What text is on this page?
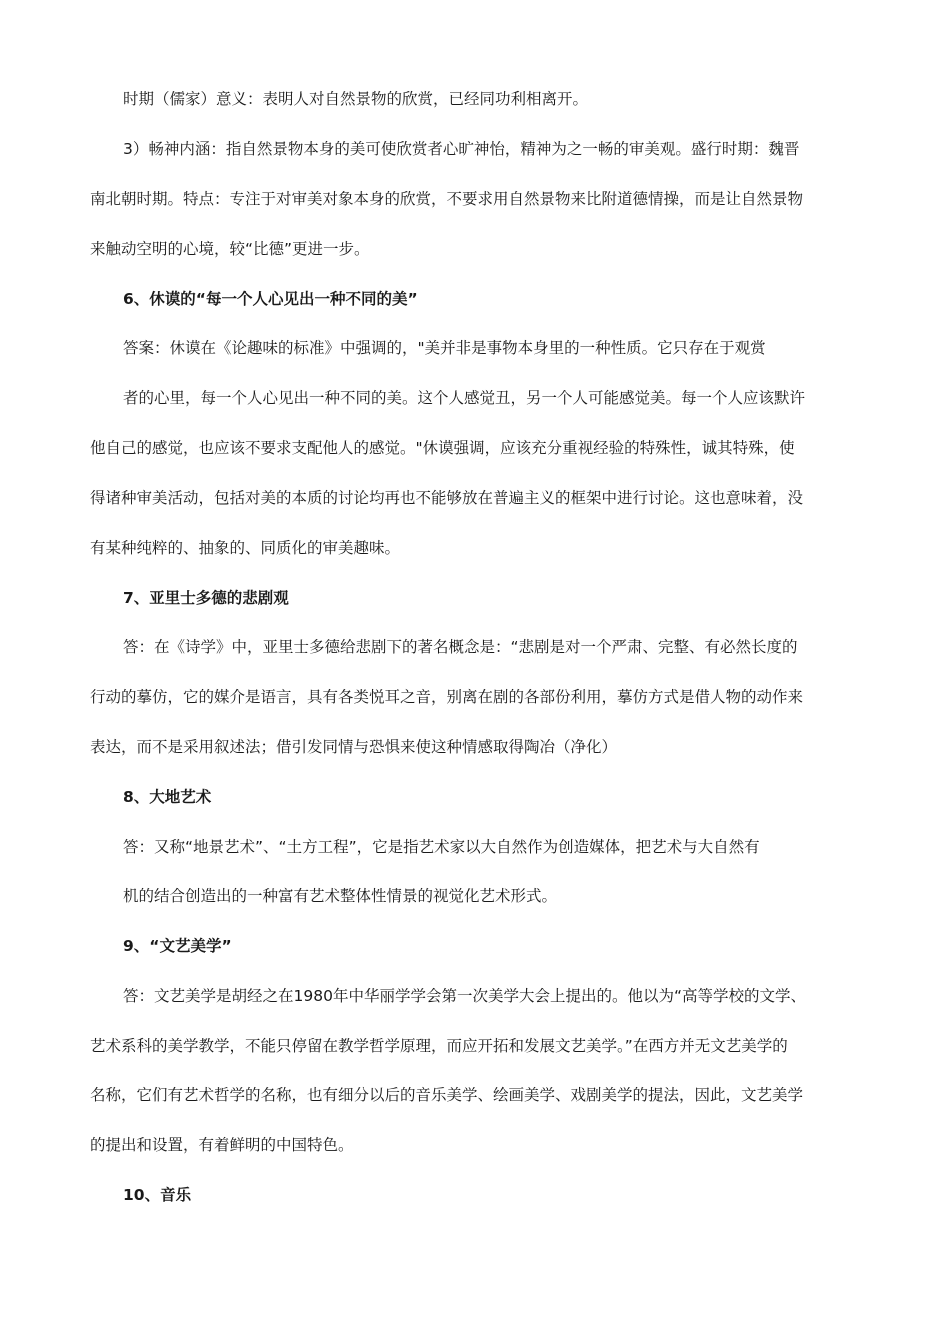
时期（儒家）意义：表明人对自然景物的欣赏，已经同功利相离开。

3）畅神内涵：指自然景物本身的美可使欣赏者心旷神怡，精神为之一畅的审美观。盛行时期：魏晋

南北朝时期。特点：专注于对审美对象本身的欣赏，不要求用自然景物来比附道德情操，而是让自然景物

来触动空明的心境，较“比德”更进一步。

6、休谟的“每一个人心见出一种不同的美”

答案：休谟在《论趣味的标准》中强调的，"美并非是事物本身里的一种性质。它只存在于观赏

者的心里，每一个人心见出一种不同的美。这个人感觉丑，另一个人可能感觉美。每一个人应该默许

他自己的感觉，也应该不要求支配他人的感觉。"休谟强调，应该充分重视经验的特殊性，诚其特殊，使

得诸种审美活动，包括对美的本质的讨论均再也不能够放在普遍主义的框架中进行讨论。这也意味着，没

有某种纯粹的、抽象的、同质化的审美趣味。

7、亚里士多德的悲剧观

答：在《诗学》中，亚里士多德给悲剧下的著名概念是：“悲剧是对一个严肃、完整、有必然长度的

行动的摹仿，它的媒介是语言，具有各类悦耳之音，别离在剧的各部份利用，摹仿方式是借人物的动作来

表达，而不是采用叙述法；借引发同情与恐惧来使这种情感取得陶冶（净化）

8、大地艺术

答：又称“地景艺术”、“土方工程”，它是指艺术家以大自然作为创造媒体，把艺术与大自然有

机的结合创造出的一种富有艺术整体性情景的视觉化艺术形式。

9、“文艺美学”

答：文艺美学是胡经之在1980年中华丽学学会第一次美学大会上提出的。他以为“高等学校的文学、

艺术系科的美学教学，不能只停留在教学哲学原理，而应开拓和发展文艺美学。”在西方并无文艺美学的

名称，它们有艺术哲学的名称，也有细分以后的音乐美学、绘画美学、戏剧美学的提法，因此，文艺美学

的提出和设置，有着鲜明的中国特色。

10、音乐
